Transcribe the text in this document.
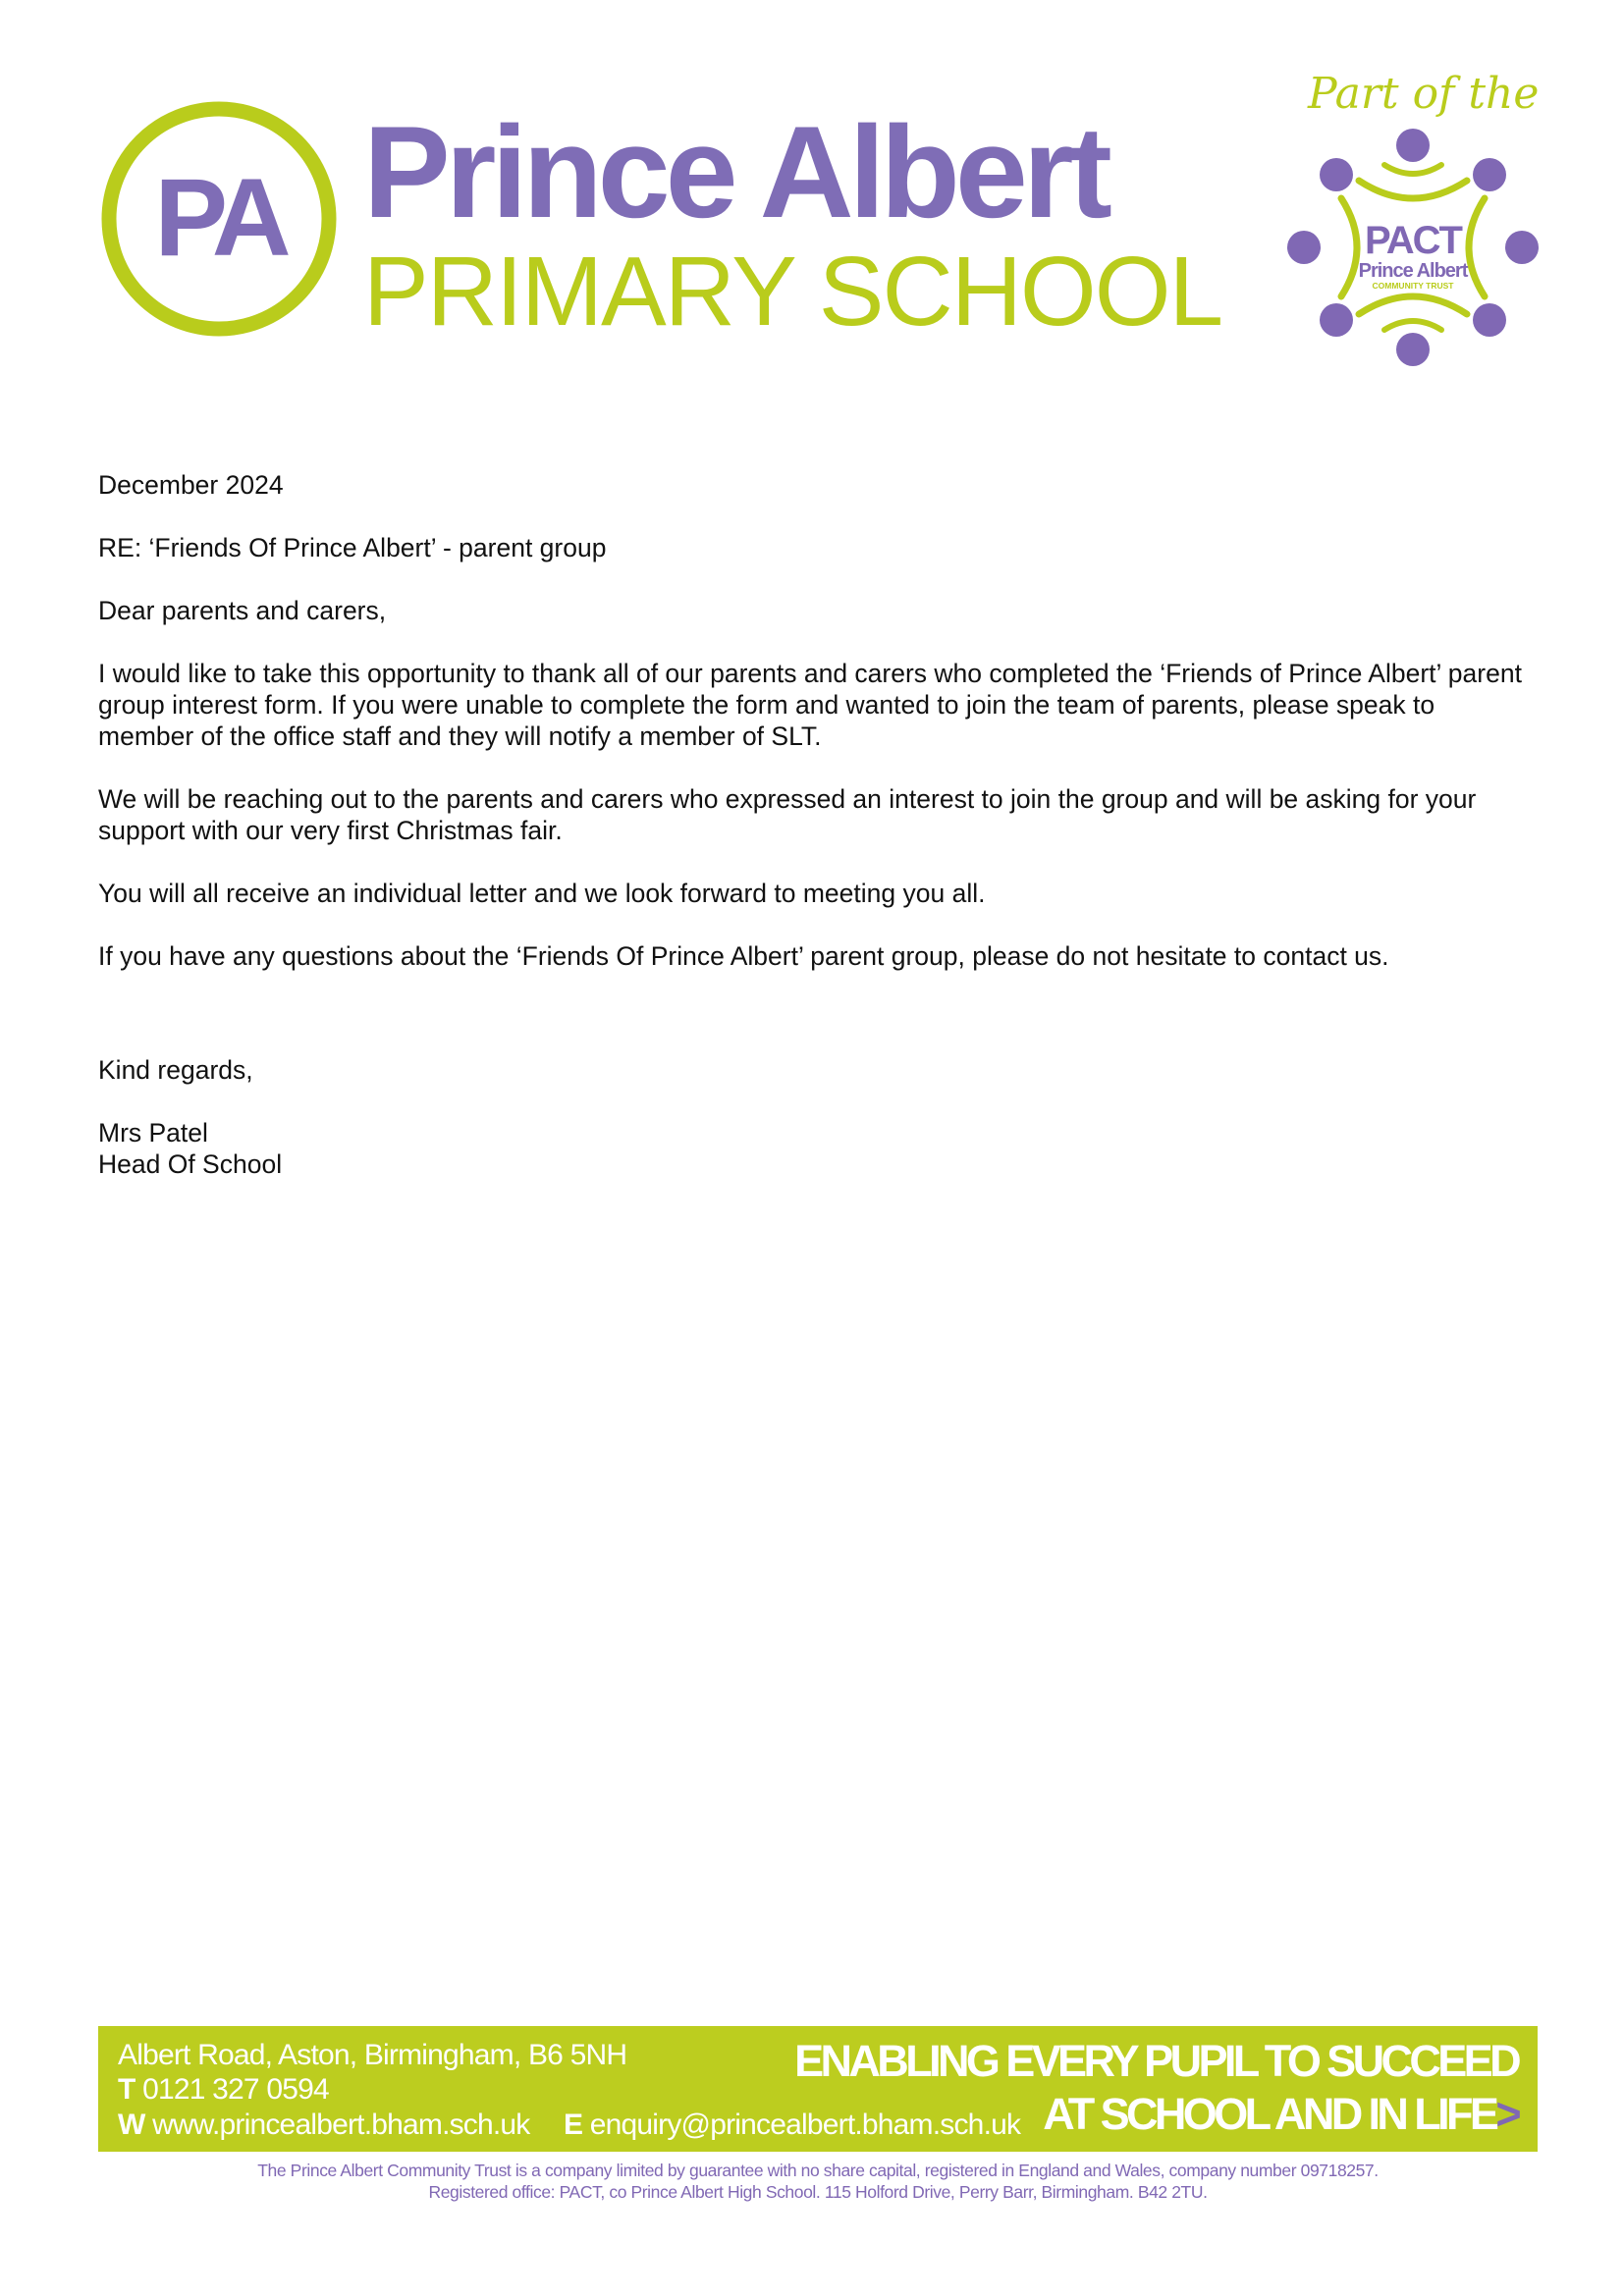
PA Prince Albert
PRIMARY SCHOOL
Part of the
PACT
Prince Albert
COMMUNITY TRUST

December 2024

RE: ‘Friends Of Prince Albert’ - parent group

Dear parents and carers,

I would like to take this opportunity to thank all of our parents and carers who completed the ‘Friends of Prince Albert’ parent group interest form. If you were unable to complete the form and wanted to join the team of parents, please speak to member of the office staff and they will notify a member of SLT.

We will be reaching out to the parents and carers who expressed an interest to join the group and will be asking for your support with our very first Christmas fair.

You will all receive an individual letter and we look forward to meeting you all.

If you have any questions about the ‘Friends Of Prince Albert’ parent group, please do not hesitate to contact us.

Kind regards,

Mrs Patel

Head Of School

Albert Road, Aston, Birmingham, B6 5NH
T 0121 327 0594
W www.princealbert.bham.sch.uk E enquiry@princealbert.bham.sch.uk
ENABLING EVERY PUPIL TO SUCCEED
AT SCHOOL AND IN LIFE>
The Prince Albert Community Trust is a company limited by guarantee with no share capital, registered in England and Wales, company number 09718257.
Registered office: PACT, co Prince Albert High School. 115 Holford Drive, Perry Barr, Birmingham. B42 2TU.
